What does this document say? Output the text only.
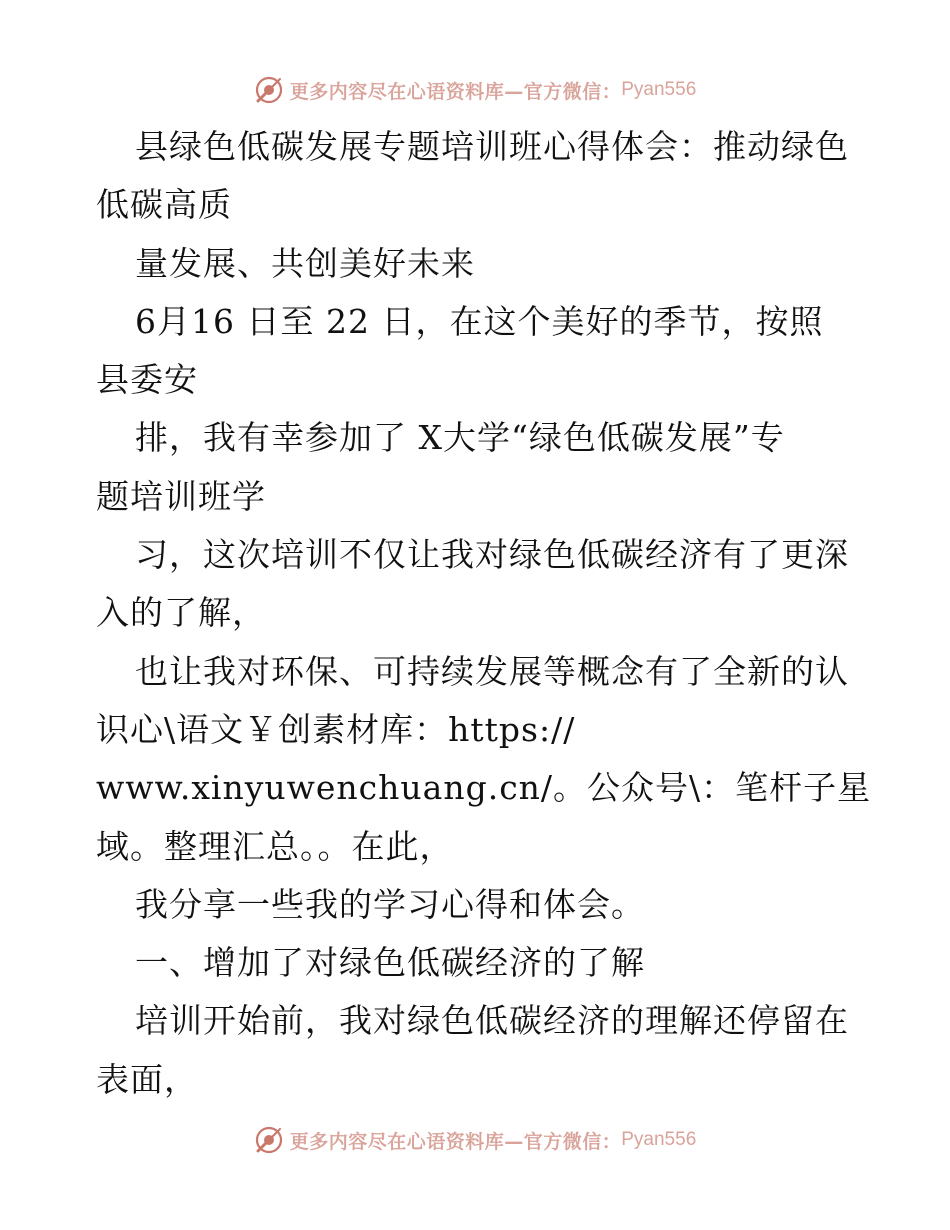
更多内容尽在心语资料库—官方微信： Pyan556
县绿色低碳发展专题培训班心得体会：推动绿色
低碳高质
量发展、共创美好未来
6月16 日至 22 日，在这个美好的季节，按照
县委安
排，我有幸参加了 X大学“绿色低碳发展”专
题培训班学
习，这次培训不仅让我对绿色低碳经济有了更深
入的了解，
也让我对环保、可持续发展等概念有了全新的认
识心\语文￥创素材库：https://
www.xinyuwenchuang.cn/。公众号\：笔杆子星
域。整理汇总。。在此，
我分享一些我的学习心得和体会。
一、增加了对绿色低碳经济的了解
培训开始前，我对绿色低碳经济的理解还停留在
表面，
更多内容尽在心语资料库—官方微信： Pyan556
